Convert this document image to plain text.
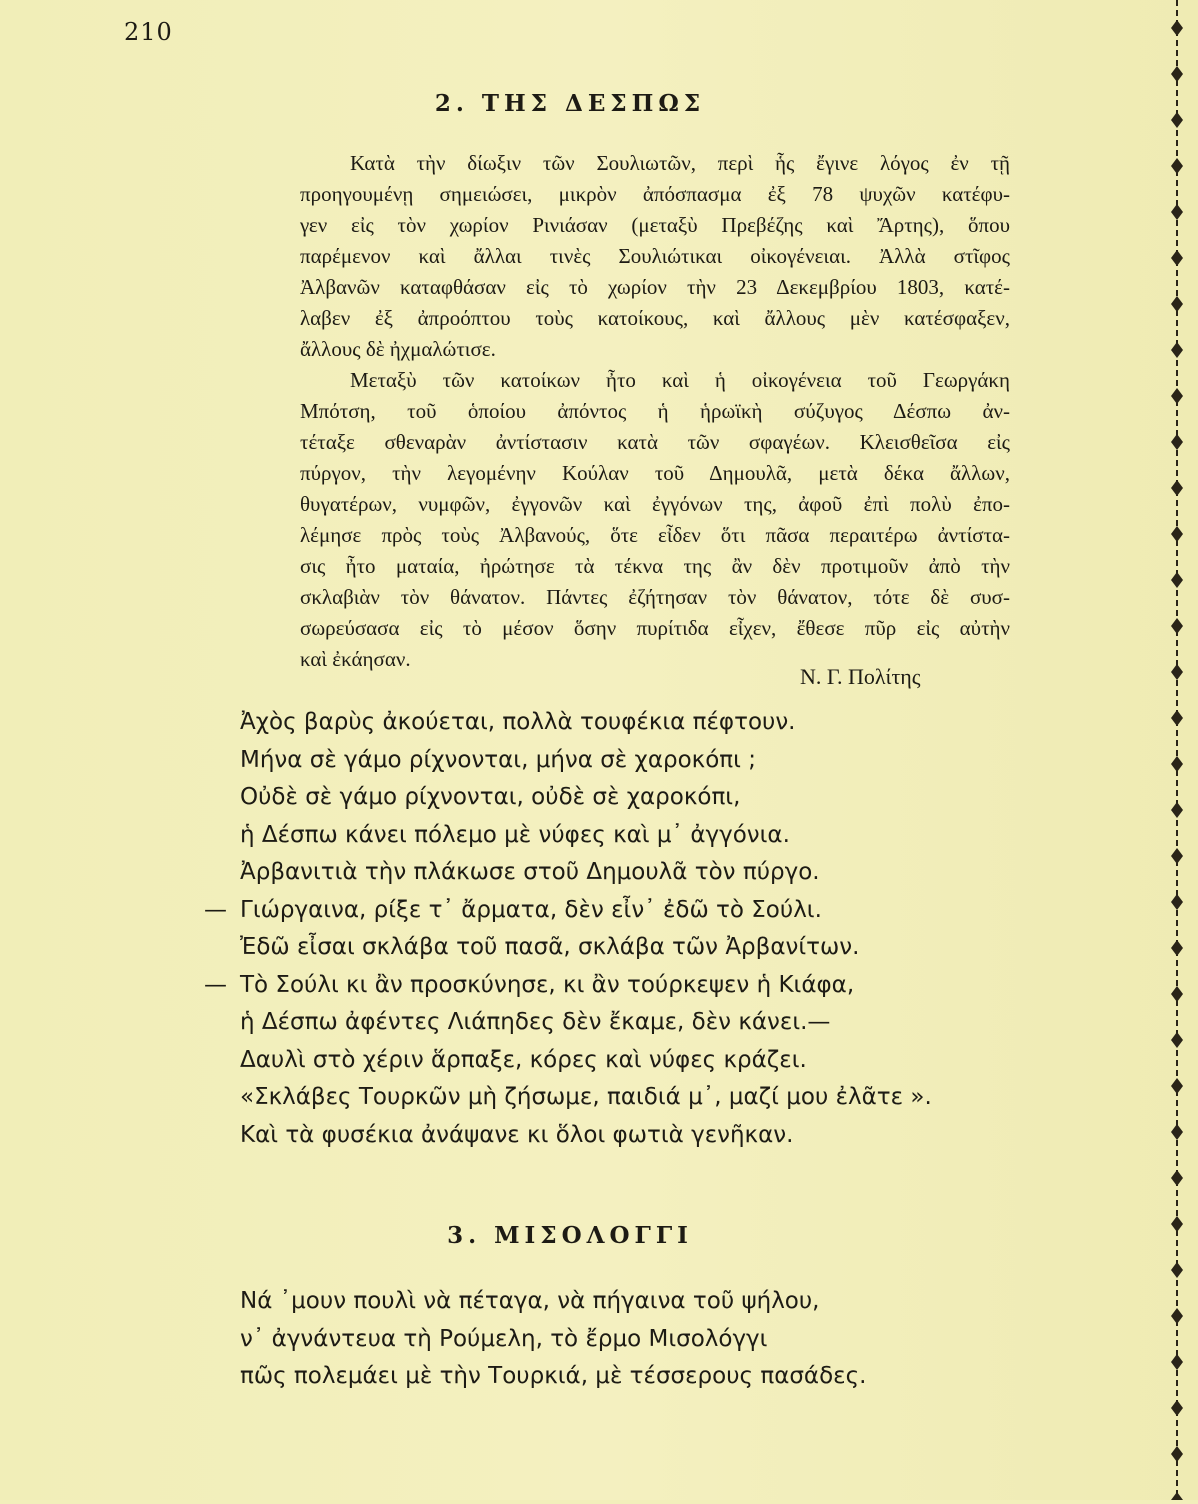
210
2. ΤΗΣ ΔΕΣΠΩΣ
Κατὰ τὴν δίωξιν τῶν Σουλιωτῶν, περὶ ἧς ἔγινε λόγος ἐν τῇ
προηγουμένῃ σημειώσει, μικρὸν ἀπόσπασμα ἐξ 78 ψυχῶν κατέφυ-
γεν εἰς τὸν χωρίον Ρινιάσαν (μεταξὺ Πρεβέζης καὶ Ἄρτης), ὅπου
παρέμενον καὶ ἄλλαι τινὲς Σουλιώτικαι οἰκογένειαι. Ἀλλὰ στῖφος
Ἀλβανῶν καταφθάσαν εἰς τὸ χωρίον τὴν 23 Δεκεμβρίου 1803, κατέ-
λαβεν ἐξ ἀπροόπτου τοὺς κατοίκους, καὶ ἄλλους μὲν κατέσφαξεν,
ἄλλους δὲ ἠχμαλώτισε.
Μεταξὺ τῶν κατοίκων ἦτο καὶ ἡ οἰκογένεια τοῦ Γεωργάκη
Μπότση, τοῦ ὁποίου ἀπόντος ἡ ἡρωϊκὴ σύζυγος Δέσπω ἀν-
τέταξε σθεναρὰν ἀντίστασιν κατὰ τῶν σφαγέων. Κλεισθεῖσα εἰς
πύργον, τὴν λεγομένην Κούλαν τοῦ Δημουλᾶ, μετὰ δέκα ἄλλων,
θυγατέρων, νυμφῶν, ἐγγονῶν καὶ ἐγγόνων της, ἀφοῦ ἐπὶ πολὺ ἐπο-
λέμησε πρὸς τοὺς Ἀλβανούς, ὅτε εἶδεν ὅτι πᾶσα περαιτέρω ἀντίστα-
σις ἦτο ματαία, ἠρώτησε τὰ τέκνα της ἂν δὲν προτιμοῦν ἀπὸ τὴν
σκλαβιὰν τὸν θάνατον. Πάντες ἐζήτησαν τὸν θάνατον, τότε δὲ συσ-
σωρεύσασα εἰς τὸ μέσον ὅσην πυρίτιδα εἶχεν, ἔθεσε πῦρ εἰς αὐτὴν
καὶ ἐκάησαν.
Ν. Γ. Πολίτης
Ἀχὸς βαρὺς ἀκούεται, πολλὰ τουφέκια πέφτουν.
Μήνα σὲ γάμο ρίχνονται, μήνα σὲ χαροκόπι ;
Οὐδὲ σὲ γάμο ρίχνονται, οὐδὲ σὲ χαροκόπι,
ἡ Δέσπω κάνει πόλεμο μὲ νύφες καὶ μ᾽ ἀγγόνια.
Ἀρβανιτιὰ τὴν πλάκωσε στοῦ Δημουλᾶ τὸν πύργο.
— Γιώργαινα, ρίξε τ᾽ ἄρματα, δὲν εἶν᾽ ἐδῶ τὸ Σούλι.
Ἐδῶ εἶσαι σκλάβα τοῦ πασᾶ, σκλάβα τῶν Ἀρβανίτων.
— Τὸ Σούλι κι ἂν προσκύνησε, κι ἂν τούρκεψεν ἡ Κιάφα,
ἡ Δέσπω ἀφέντες Λιάπηδες δὲν ἔκαμε, δὲν κάνει.—
Δαυλὶ στὸ χέριν ἅρπαξε, κόρες καὶ νύφες κράζει.
«Σκλάβες Τουρκῶν μὴ ζήσωμε, παιδιά μ᾽, μαζί μου ἐλᾶτε ».
Καὶ τὰ φυσέκια ἀνάψανε κι ὅλοι φωτιὰ γενῆκαν.
3. ΜΙΣΟΛΟΓΓΙ
Νά ᾽μουν πουλὶ νὰ πέταγα, νὰ πήγαινα τοῦ ψήλου,
ν᾽ ἀγνάντευα τὴ Ρούμελη, τὸ ἔρμο Μισολόγγι
πῶς πολεμάει μὲ τὴν Τουρκιά, μὲ τέσσερους πασάδες.
